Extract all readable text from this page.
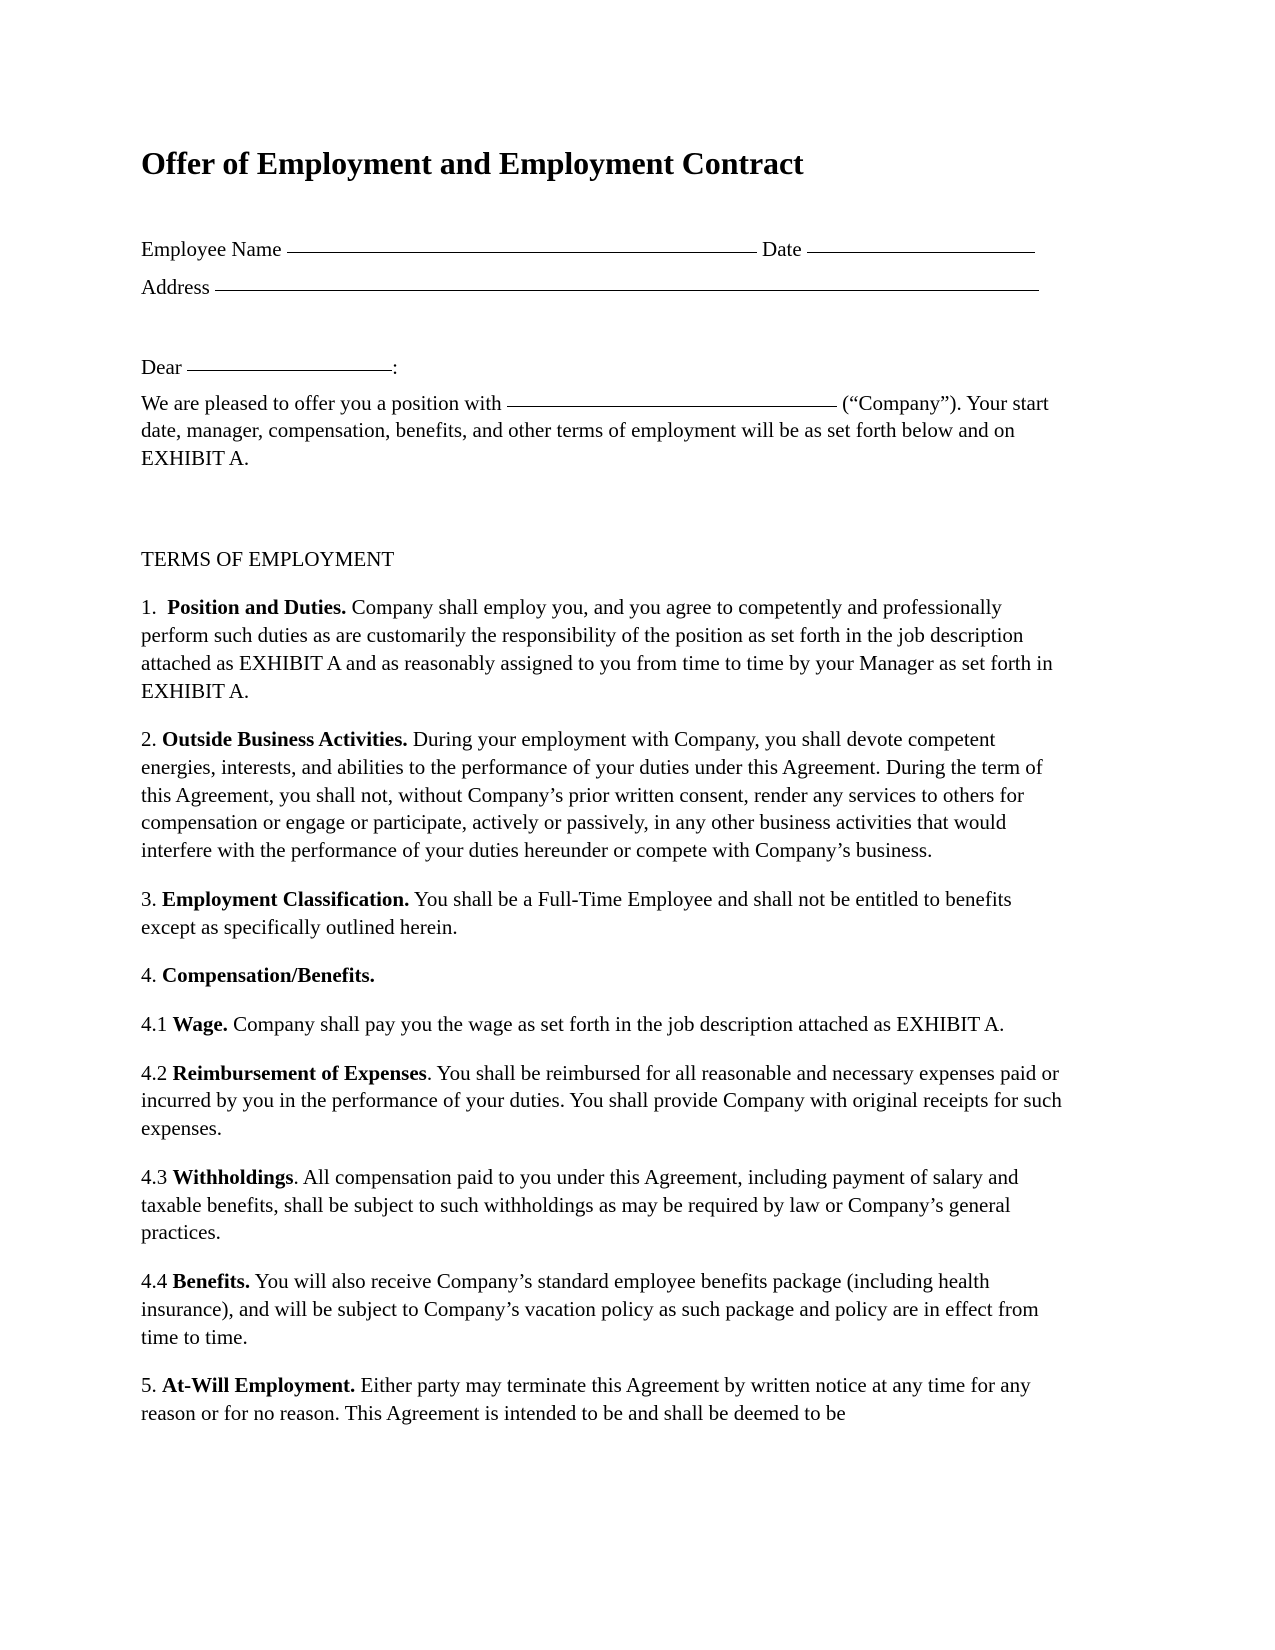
Offer of Employment and Employment Contract

Employee Name	Date

Address

Dear	:

We are pleased to offer you a position with	(“Company”). Your start date, manager, compensation, benefits, and other terms of employment will be as set forth below and on EXHIBIT A.

TERMS OF EMPLOYMENT

1. Position and Duties. Company shall employ you, and you agree to competently and professionally perform such duties as are customarily the responsibility of the position as set forth in the job description attached as EXHIBIT A and as reasonably assigned to you from time to time by your Manager as set forth in EXHIBIT A.

2. Outside Business Activities. During your employment with Company, you shall devote competent energies, interests, and abilities to the performance of your duties under this Agreement. During the term of this Agreement, you shall not, without Company’s prior written consent, render any services to others for compensation or engage or participate, actively or passively, in any other business activities that would interfere with the performance of your duties hereunder or compete with Company’s business.

3. Employment Classification. You shall be a Full-Time Employee and shall not be entitled to benefits except as specifically outlined herein.

4. Compensation/Benefits.

4.1 Wage. Company shall pay you the wage as set forth in the job description attached as EXHIBIT A.

4.2 Reimbursement of Expenses. You shall be reimbursed for all reasonable and necessary expenses paid or incurred by you in the performance of your duties. You shall provide Company with original receipts for such expenses.

4.3 Withholdings. All compensation paid to you under this Agreement, including payment of salary and taxable benefits, shall be subject to such withholdings as may be required by law or Company’s general practices.

4.4 Benefits. You will also receive Company’s standard employee benefits package (including health insurance), and will be subject to Company’s vacation policy as such package and policy are in effect from time to time.

5. At-Will Employment. Either party may terminate this Agreement by written notice at any time for any reason or for no reason. This Agreement is intended to be and shall be deemed to be
